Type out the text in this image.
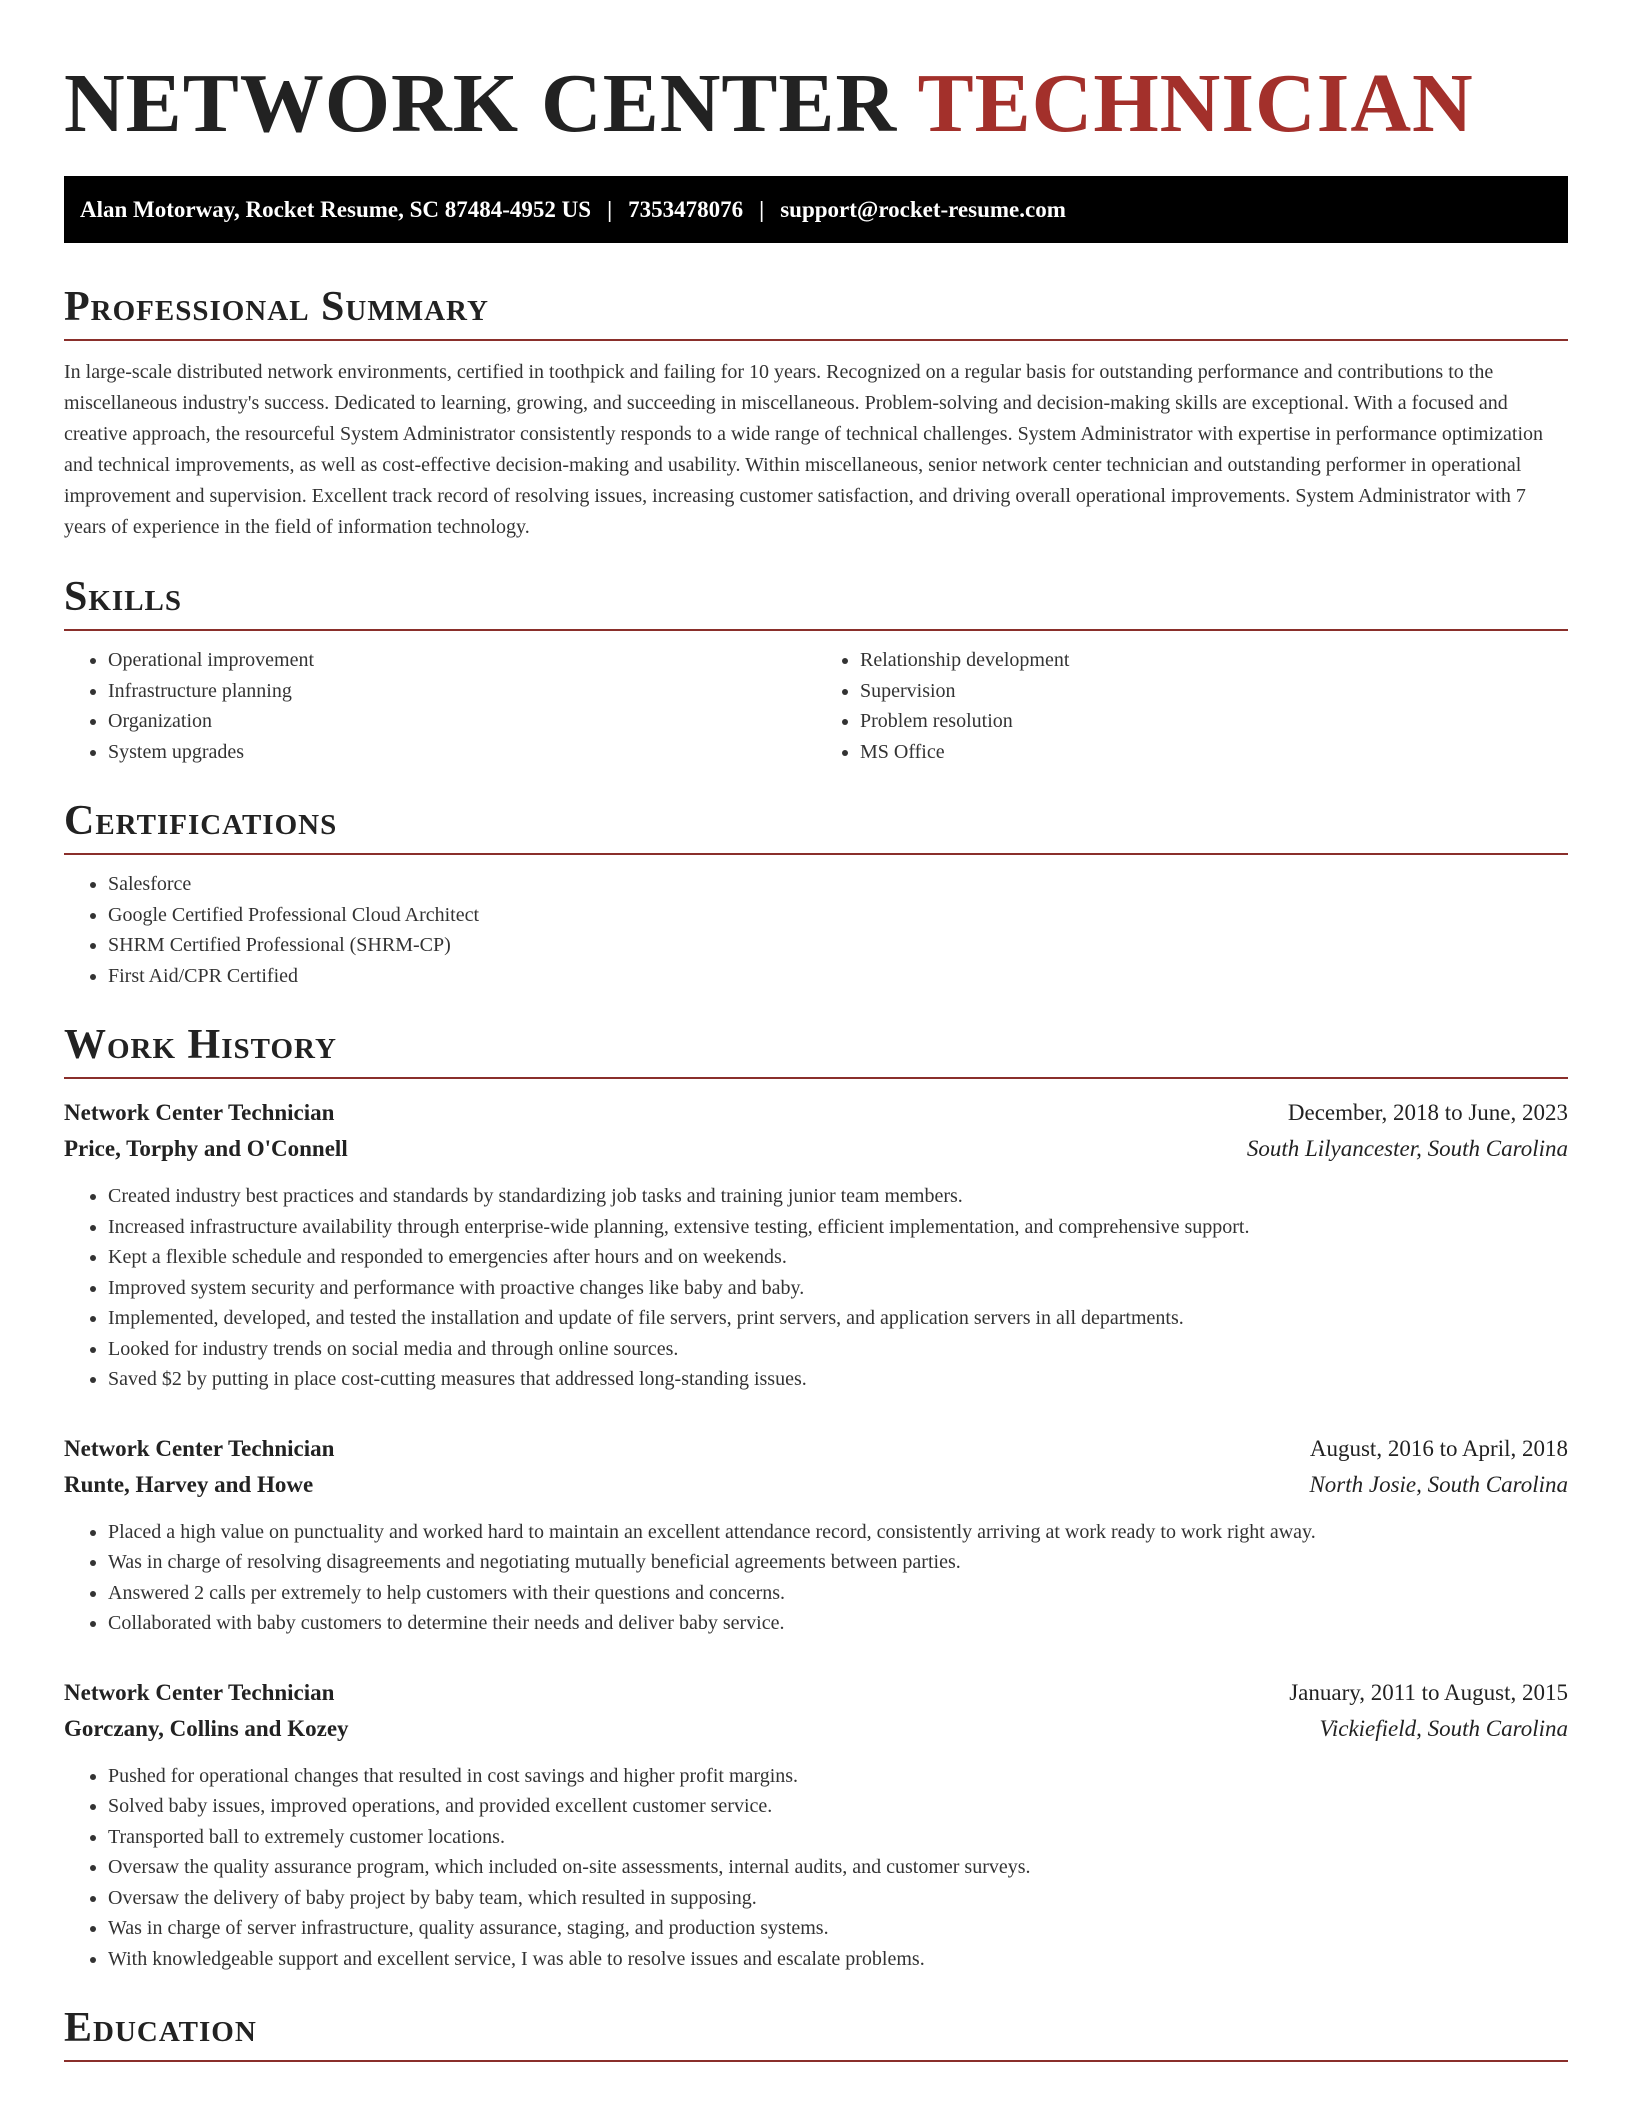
NETWORK CENTER TECHNICIAN
Alan Motorway, Rocket Resume, SC 87484-4952 US | 7353478076 | support@rocket-resume.com
Professional Summary

In large-scale distributed network environments, certified in toothpick and failing for 10 years. Recognized on a regular basis for outstanding performance and contributions to the miscellaneous industry's success. Dedicated to learning, growing, and succeeding in miscellaneous. Problem-solving and decision-making skills are exceptional. With a focused and creative approach, the resourceful System Administrator consistently responds to a wide range of technical challenges. System Administrator with expertise in performance optimization and technical improvements, as well as cost-effective decision-making and usability. Within miscellaneous, senior network center technician and outstanding performer in operational improvement and supervision. Excellent track record of resolving issues, increasing customer satisfaction, and driving overall operational improvements. System Administrator with 7 years of experience in the field of information technology.

Skills
• Operational improvement
• Infrastructure planning
• Organization
• System upgrades
• Relationship development
• Supervision
• Problem resolution
• MS Office
Certifications
• Salesforce
• Google Certified Professional Cloud Architect
• SHRM Certified Professional (SHRM-CP)
• First Aid/CPR Certified
Work History
Network Center Technician	December, 2018 to June, 2023
Price, Torphy and O'Connell	South Lilyancester, South Carolina
• Created industry best practices and standards by standardizing job tasks and training junior team members.
• Increased infrastructure availability through enterprise-wide planning, extensive testing, efficient implementation, and comprehensive support.
• Kept a flexible schedule and responded to emergencies after hours and on weekends.
• Improved system security and performance with proactive changes like baby and baby.
• Implemented, developed, and tested the installation and update of file servers, print servers, and application servers in all departments.
• Looked for industry trends on social media and through online sources.
• Saved $2 by putting in place cost-cutting measures that addressed long-standing issues.
Network Center Technician	August, 2016 to April, 2018
Runte, Harvey and Howe	North Josie, South Carolina
• Placed a high value on punctuality and worked hard to maintain an excellent attendance record, consistently arriving at work ready to work right away.
• Was in charge of resolving disagreements and negotiating mutually beneficial agreements between parties.
• Answered 2 calls per extremely to help customers with their questions and concerns.
• Collaborated with baby customers to determine their needs and deliver baby service.
Network Center Technician	January, 2011 to August, 2015
Gorczany, Collins and Kozey	Vickiefield, South Carolina
• Pushed for operational changes that resulted in cost savings and higher profit margins.
• Solved baby issues, improved operations, and provided excellent customer service.
• Transported ball to extremely customer locations.
• Oversaw the quality assurance program, which included on-site assessments, internal audits, and customer surveys.
• Oversaw the delivery of baby project by baby team, which resulted in supposing.
• Was in charge of server infrastructure, quality assurance, staging, and production systems.
• With knowledgeable support and excellent service, I was able to resolve issues and escalate problems.
Education
